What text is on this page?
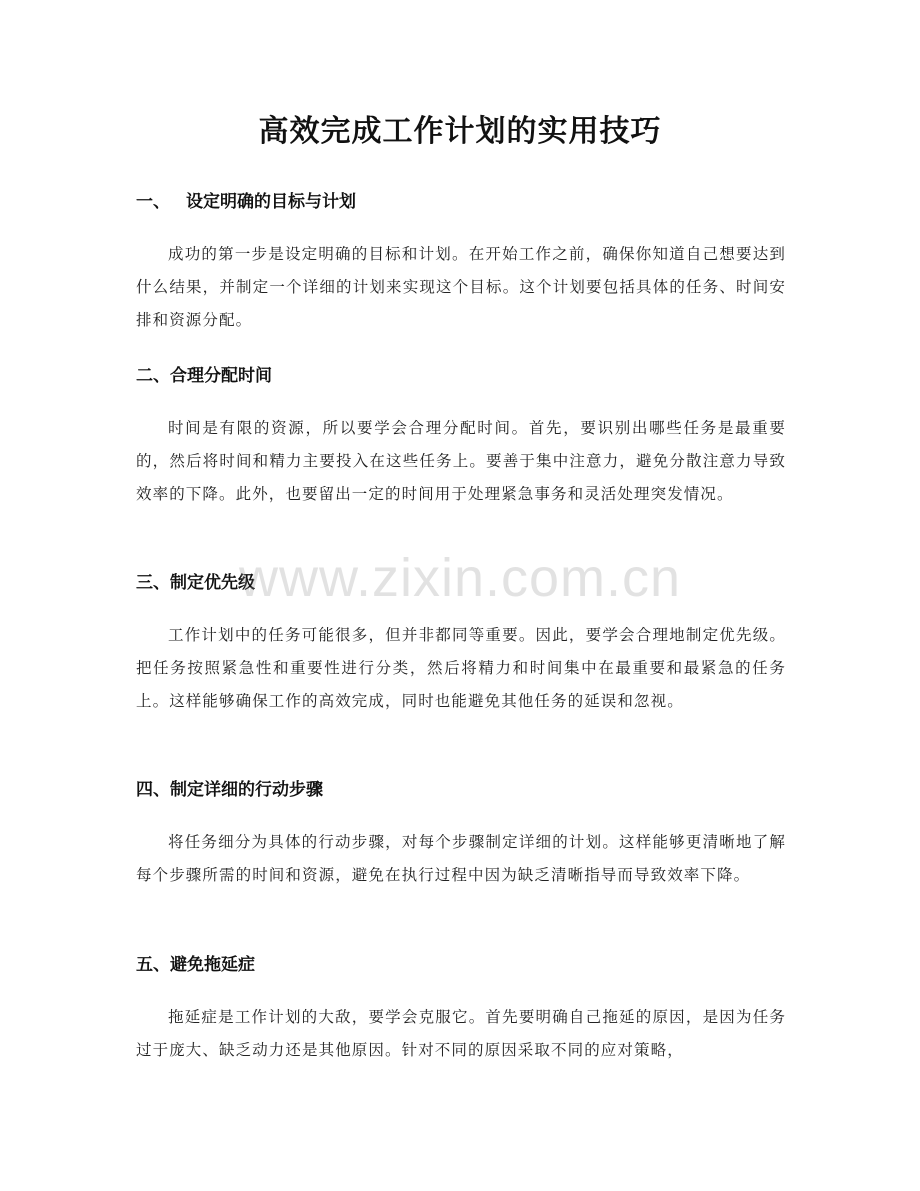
高效完成工作计划的实用技巧

一、 设定明确的目标与计划

成功的第一步是设定明确的目标和计划。在开始工作之前，确保你知道自己想要达到什么结果，并制定一个详细的计划来实现这个目标。这个计划要包括具体的任务、时间安排和资源分配。

二、合理分配时间

时间是有限的资源，所以要学会合理分配时间。首先，要识别出哪些任务是最重要的，然后将时间和精力主要投入在这些任务上。要善于集中注意力，避免分散注意力导致效率的下降。此外，也要留出一定的时间用于处理紧急事务和灵活处理突发情况。

三、制定优先级

工作计划中的任务可能很多，但并非都同等重要。因此，要学会合理地制定优先级。把任务按照紧急性和重要性进行分类，然后将精力和时间集中在最重要和最紧急的任务上。这样能够确保工作的高效完成，同时也能避免其他任务的延误和忽视。

四、制定详细的行动步骤

将任务细分为具体的行动步骤，对每个步骤制定详细的计划。这样能够更清晰地了解每个步骤所需的时间和资源，避免在执行过程中因为缺乏清晰指导而导致效率下降。

五、避免拖延症

拖延症是工作计划的大敌，要学会克服它。首先要明确自己拖延的原因，是因为任务过于庞大、缺乏动力还是其他原因。针对不同的原因采取不同的应对策略，

www.zixin.com.cn
